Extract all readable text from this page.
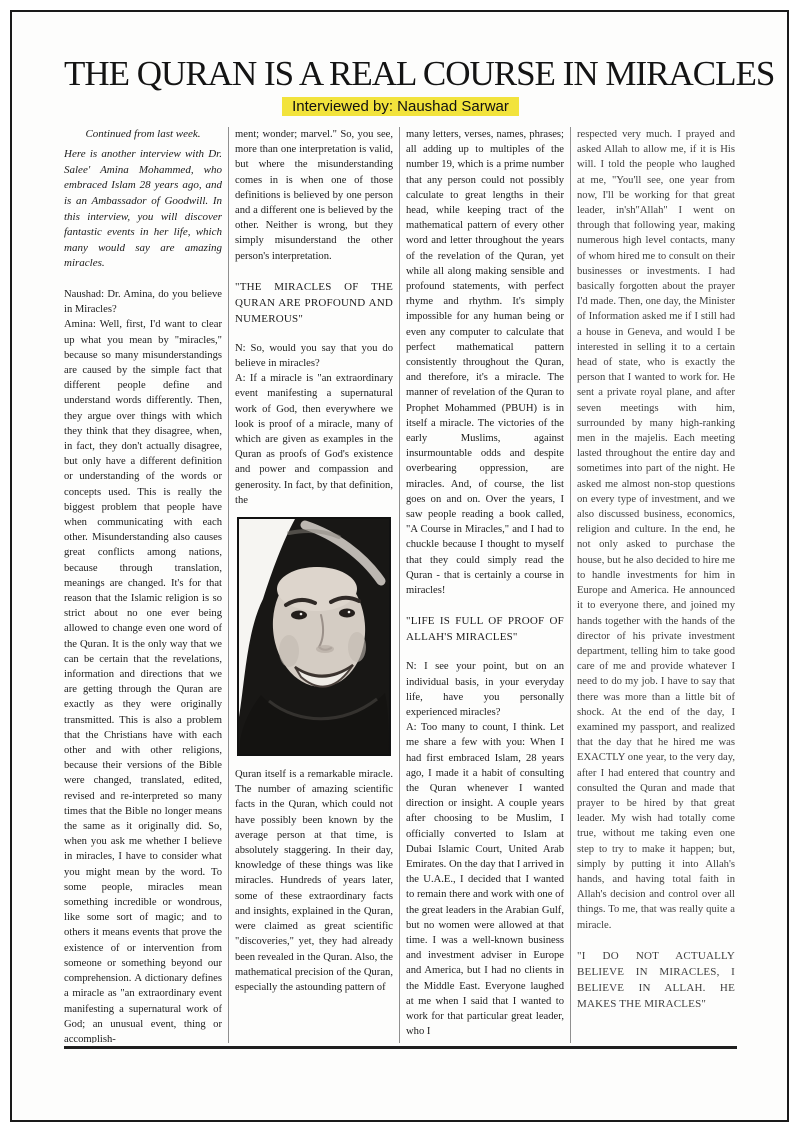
THE QURAN IS A REAL COURSE IN MIRACLES
Interviewed by: Naushad Sarwar

Continued from last week.

Here is another interview with Dr. Salee' Amina Mohammed, who embraced Islam 28 years ago, and is an Ambassador of Goodwill. In this interview, you will discover fantastic events in her life, which many would say are amazing miracles.

Naushad: Dr. Amina, do you believe in Miracles?

Amina: Well, first, I'd want to clear up what you mean by "miracles," because so many misunderstandings are caused by the simple fact that different people define and understand words differently. Then, they argue over things with which they think that they disagree, when, in fact, they don't actually disagree, but only have a different definition or understanding of the words or concepts used. This is really the biggest problem that people have when communicating with each other. Misunderstanding also causes great conflicts among nations, because through translation, meanings are changed. It's for that reason that the Islamic religion is so strict about no one ever being allowed to change even one word of the Quran. It is the only way that we can be certain that the revelations, information and directions that we are getting through the Quran are exactly as they were originally transmitted. This is also a problem that the Christians have with each other and with other religions, because their versions of the Bible were changed, translated, edited, revised and re-interpreted so many times that the Bible no longer means the same as it originally did. So, when you ask me whether I believe in miracles, I have to consider what you might mean by the word. To some people, miracles mean something incredible or wondrous, like some sort of magic; and to others it means events that prove the existence of or intervention from someone or something beyond our comprehension. A dictionary defines a miracle as "an extraordinary event manifesting a supernatural work of God; an unusual event, thing or accomplish-

ment; wonder; marvel." So, you see, more than one interpretation is valid, but where the misunderstanding comes in is when one of those definitions is believed by one person and a different one is believed by the other. Neither is wrong, but they simply misunderstand the other person's interpretation.

"THE MIRACLES OF THE QURAN ARE PROFOUND AND NUMEROUS"

N: So, would you say that you do believe in miracles?

A: If a miracle is "an extraordinary event manifesting a supernatural work of God, then everywhere we look is proof of a miracle, many of which are given as examples in the Quran as proofs of God's existence and power and compassion and generosity. In fact, by that definition, the

Quran itself is a remarkable miracle. The number of amazing scientific facts in the Quran, which could not have possibly been known by the average person at that time, is absolutely staggering. In their day, knowledge of these things was like miracles. Hundreds of years later, some of these extraordinary facts and insights, explained in the Quran, were claimed as great scientific "discoveries," yet, they had already been revealed in the Quran. Also, the mathematical precision of the Quran, especially the astounding pattern of

many letters, verses, names, phrases; all adding up to multiples of the number 19, which is a prime number that any person could not possibly calculate to great lengths in their head, while keeping tract of the mathematical pattern of every other word and letter throughout the years of the revelation of the Quran, yet while all along making sensible and profound statements, with perfect rhyme and rhythm. It's simply impossible for any human being or even any computer to calculate that perfect mathematical pattern consistently throughout the Quran, and therefore, it's a miracle. The manner of revelation of the Quran to Prophet Mohammed (PBUH) is in itself a miracle. The victories of the early Muslims, against insurmountable odds and despite overbearing oppression, are miracles. And, of course, the list goes on and on. Over the years, I saw people reading a book called, "A Course in Miracles," and I had to chuckle because I thought to myself that they could simply read the Quran - that is certainly a course in miracles!

"LIFE IS FULL OF PROOF OF ALLAH'S MIRACLES"

N: I see your point, but on an individual basis, in your everyday life, have you personally experienced miracles?

A: Too many to count, I think. Let me share a few with you: When I had first embraced Islam, 28 years ago, I made it a habit of consulting the Quran whenever I wanted direction or insight. A couple years after choosing to be Muslim, I officially converted to Islam at Dubai Islamic Court, United Arab Emirates. On the day that I arrived in the U.A.E., I decided that I wanted to remain there and work with one of the great leaders in the Arabian Gulf, but no women were allowed at that time. I was a well-known business and investment adviser in Europe and America, but I had no clients in the Middle East. Everyone laughed at me when I said that I wanted to work for that particular great leader, who I

respected very much. I prayed and asked Allah to allow me, if it is His will. I told the people who laughed at me, "You'll see, one year from now, I'll be working for that great leader, in'sh"Allah" I went on through that following year, making numerous high level contacts, many of whom hired me to consult on their businesses or investments. I had basically forgotten about the prayer I'd made. Then, one day, the Minister of Information asked me if I still had a house in Geneva, and would I be interested in selling it to a certain head of state, who is exactly the person that I wanted to work for. He sent a private royal plane, and after seven meetings with him, surrounded by many high-ranking men in the majelis. Each meeting lasted throughout the entire day and sometimes into part of the night. He asked me almost non-stop questions on every type of investment, and we also discussed business, economics, religion and culture. In the end, he not only asked to purchase the house, but he also decided to hire me to handle investments for him in Europe and America. He announced it to everyone there, and joined my hands together with the hands of the director of his private investment department, telling him to take good care of me and provide whatever I need to do my job. I have to say that there was more than a little bit of shock. At the end of the day, I examined my passport, and realized that the day that he hired me was EXACTLY one year, to the very day, after I had entered that country and consulted the Quran and made that prayer to be hired by that great leader. My wish had totally come true, without me taking even one step to try to make it happen; but, simply by putting it into Allah's hands, and having total faith in Allah's decision and control over all things. To me, that was really quite a miracle.

"I DO NOT ACTUALLY BELIEVE IN MIRACLES, I BELIEVE IN ALLAH. HE MAKES THE MIRACLES"
